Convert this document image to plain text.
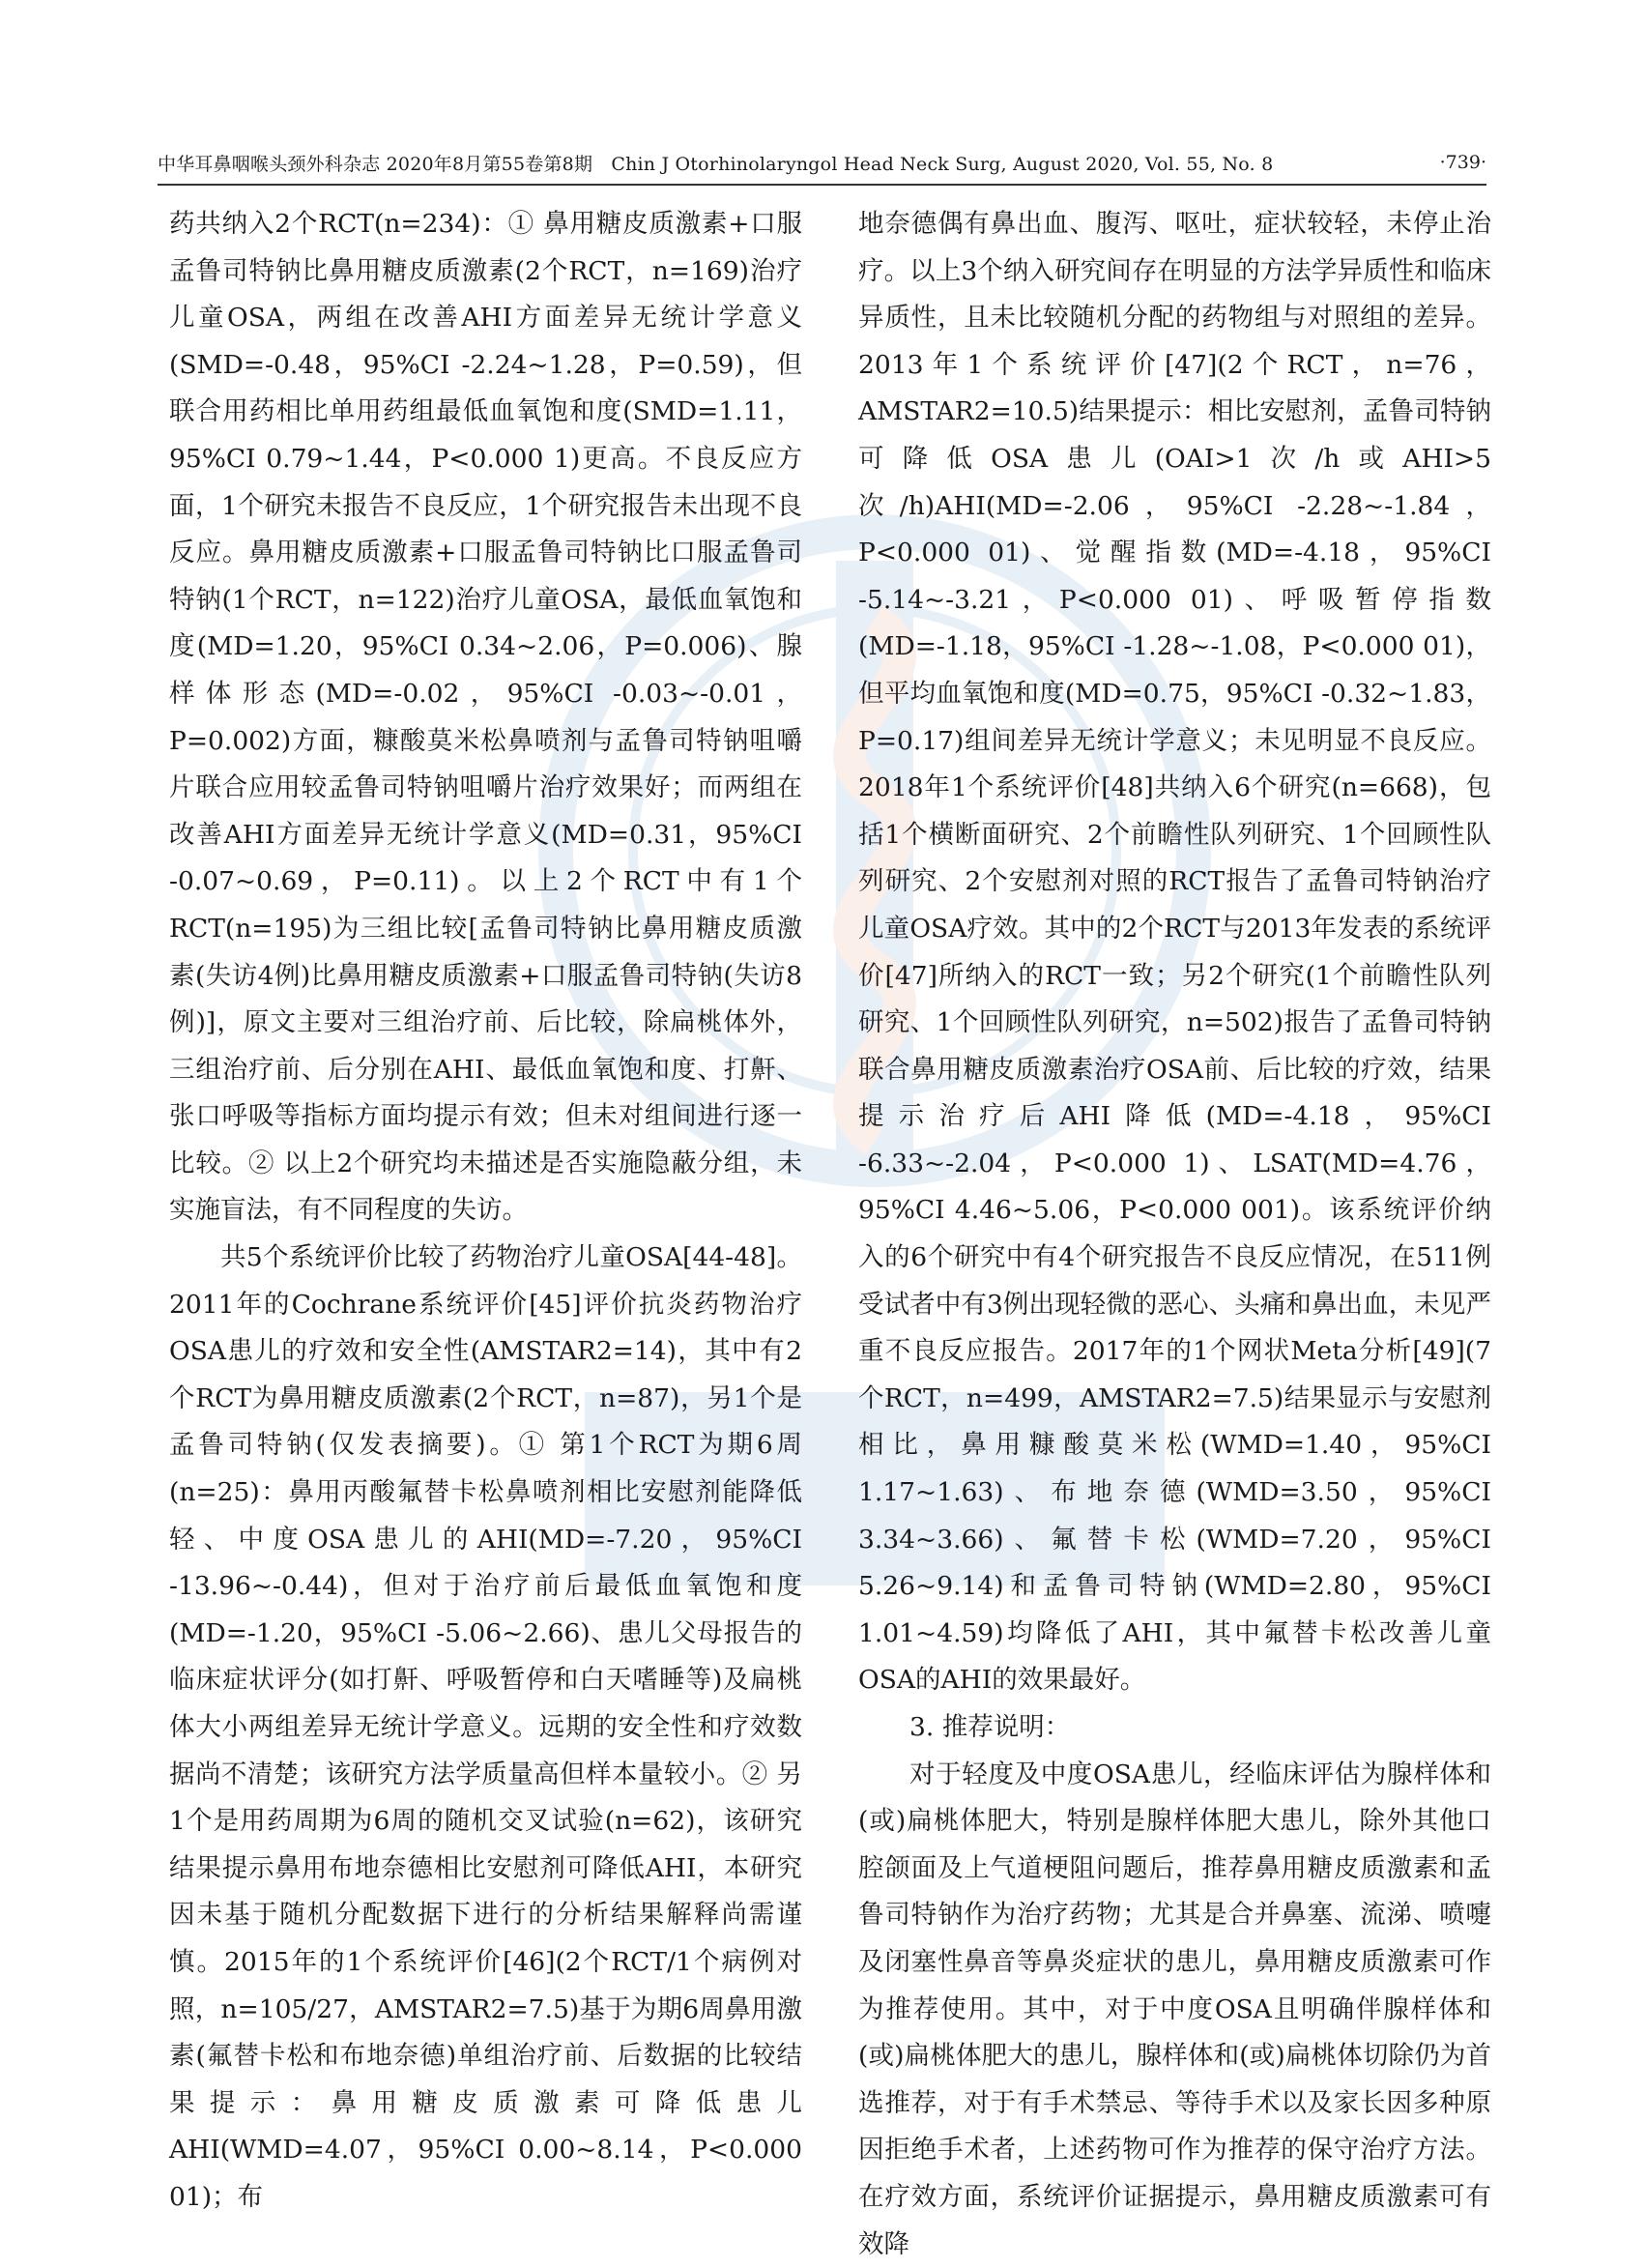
中华耳鼻咽喉头颈外科杂志 2020年8月第55卷第8期　Chin J Otorhinolaryngol Head Neck Surg, August 2020, Vol. 55, No. 8	·739·

药共纳入2个RCT(n=234)：① 鼻用糖皮质激素+口服孟鲁司特钠比鼻用糖皮质激素(2个RCT，n=169)治疗儿童OSA，两组在改善AHI方面差异无统计学意义(SMD=-0.48，95%CI -2.24~1.28，P=0.59)，但联合用药相比单用药组最低血氧饱和度(SMD=1.11，95%CI 0.79~1.44，P<0.000 1)更高。不良反应方面，1个研究未报告不良反应，1个研究报告未出现不良反应。鼻用糖皮质激素+口服孟鲁司特钠比口服孟鲁司特钠(1个RCT，n=122)治疗儿童OSA，最低血氧饱和度(MD=1.20，95%CI 0.34~2.06，P=0.006)、腺样体形态(MD=-0.02，95%CI -0.03~-0.01，P=0.002)方面，糠酸莫米松鼻喷剂与孟鲁司特钠咀嚼片联合应用较孟鲁司特钠咀嚼片治疗效果好；而两组在改善AHI方面差异无统计学意义(MD=0.31，95%CI -0.07~0.69，P=0.11)。以上2个RCT中有1个RCT(n=195)为三组比较[孟鲁司特钠比鼻用糖皮质激素(失访4例)比鼻用糖皮质激素+口服孟鲁司特钠(失访8例)]，原文主要对三组治疗前、后比较，除扁桃体外，三组治疗前、后分别在AHI、最低血氧饱和度、打鼾、张口呼吸等指标方面均提示有效；但未对组间进行逐一比较。② 以上2个研究均未描述是否实施隐蔽分组，未实施盲法，有不同程度的失访。

共5个系统评价比较了药物治疗儿童OSA[44-48]。2011年的Cochrane系统评价[45]评价抗炎药物治疗OSA患儿的疗效和安全性(AMSTAR2=14)，其中有2个RCT为鼻用糖皮质激素(2个RCT，n=87)，另1个是孟鲁司特钠(仅发表摘要)。① 第1个RCT为期6周(n=25)：鼻用丙酸氟替卡松鼻喷剂相比安慰剂能降低轻、中度OSA患儿的AHI(MD=-7.20，95%CI -13.96~-0.44)，但对于治疗前后最低血氧饱和度(MD=-1.20，95%CI -5.06~2.66)、患儿父母报告的临床症状评分(如打鼾、呼吸暂停和白天嗜睡等)及扁桃体大小两组差异无统计学意义。远期的安全性和疗效数据尚不清楚；该研究方法学质量高但样本量较小。② 另1个是用药周期为6周的随机交叉试验(n=62)，该研究结果提示鼻用布地奈德相比安慰剂可降低AHI，本研究因未基于随机分配数据下进行的分析结果解释尚需谨慎。2015年的1个系统评价[46](2个RCT/1个病例对照，n=105/27，AMSTAR2=7.5)基于为期6周鼻用激素(氟替卡松和布地奈德)单组治疗前、后数据的比较结果提示：鼻用糖皮质激素可降低患儿AHI(WMD=4.07，95%CI 0.00~8.14，P<0.000 01)；布

地奈德偶有鼻出血、腹泻、呕吐，症状较轻，未停止治疗。以上3个纳入研究间存在明显的方法学异质性和临床异质性，且未比较随机分配的药物组与对照组的差异。2013年1个系统评价[47](2个RCT，n=76，AMSTAR2=10.5)结果提示：相比安慰剂，孟鲁司特钠可降低OSA患儿(OAI>1次/h或AHI>5次/h)AHI(MD=-2.06，95%CI -2.28~-1.84，P<0.000 01)、觉醒指数(MD=-4.18，95%CI -5.14~-3.21，P<0.000 01)、呼吸暂停指数(MD=-1.18，95%CI -1.28~-1.08，P<0.000 01)，但平均血氧饱和度(MD=0.75，95%CI -0.32~1.83，P=0.17)组间差异无统计学意义；未见明显不良反应。2018年1个系统评价[48]共纳入6个研究(n=668)，包括1个横断面研究、2个前瞻性队列研究、1个回顾性队列研究、2个安慰剂对照的RCT报告了孟鲁司特钠治疗儿童OSA疗效。其中的2个RCT与2013年发表的系统评价[47]所纳入的RCT一致；另2个研究(1个前瞻性队列研究、1个回顾性队列研究，n=502)报告了孟鲁司特钠联合鼻用糖皮质激素治疗OSA前、后比较的疗效，结果提示治疗后AHI降低(MD=-4.18，95%CI -6.33~-2.04，P<0.000 1)、LSAT(MD=4.76，95%CI 4.46~5.06，P<0.000 001)。该系统评价纳入的6个研究中有4个研究报告不良反应情况，在511例受试者中有3例出现轻微的恶心、头痛和鼻出血，未见严重不良反应报告。2017年的1个网状Meta分析[49](7个RCT，n=499，AMSTAR2=7.5)结果显示与安慰剂相比，鼻用糠酸莫米松(WMD=1.40，95%CI 1.17~1.63)、布地奈德(WMD=3.50，95%CI 3.34~3.66)、氟替卡松(WMD=7.20，95%CI 5.26~9.14)和孟鲁司特钠(WMD=2.80，95%CI 1.01~4.59)均降低了AHI，其中氟替卡松改善儿童OSA的AHI的效果最好。

3. 推荐说明：

对于轻度及中度OSA患儿，经临床评估为腺样体和(或)扁桃体肥大，特别是腺样体肥大患儿，除外其他口腔颌面及上气道梗阻问题后，推荐鼻用糖皮质激素和孟鲁司特钠作为治疗药物；尤其是合并鼻塞、流涕、喷嚏及闭塞性鼻音等鼻炎症状的患儿，鼻用糖皮质激素可作为推荐使用。其中，对于中度OSA且明确伴腺样体和(或)扁桃体肥大的患儿，腺样体和(或)扁桃体切除仍为首选推荐，对于有手术禁忌、等待手术以及家长因多种原因拒绝手术者，上述药物可作为推荐的保守治疗方法。在疗效方面，系统评价证据提示，鼻用糖皮质激素可有效降
